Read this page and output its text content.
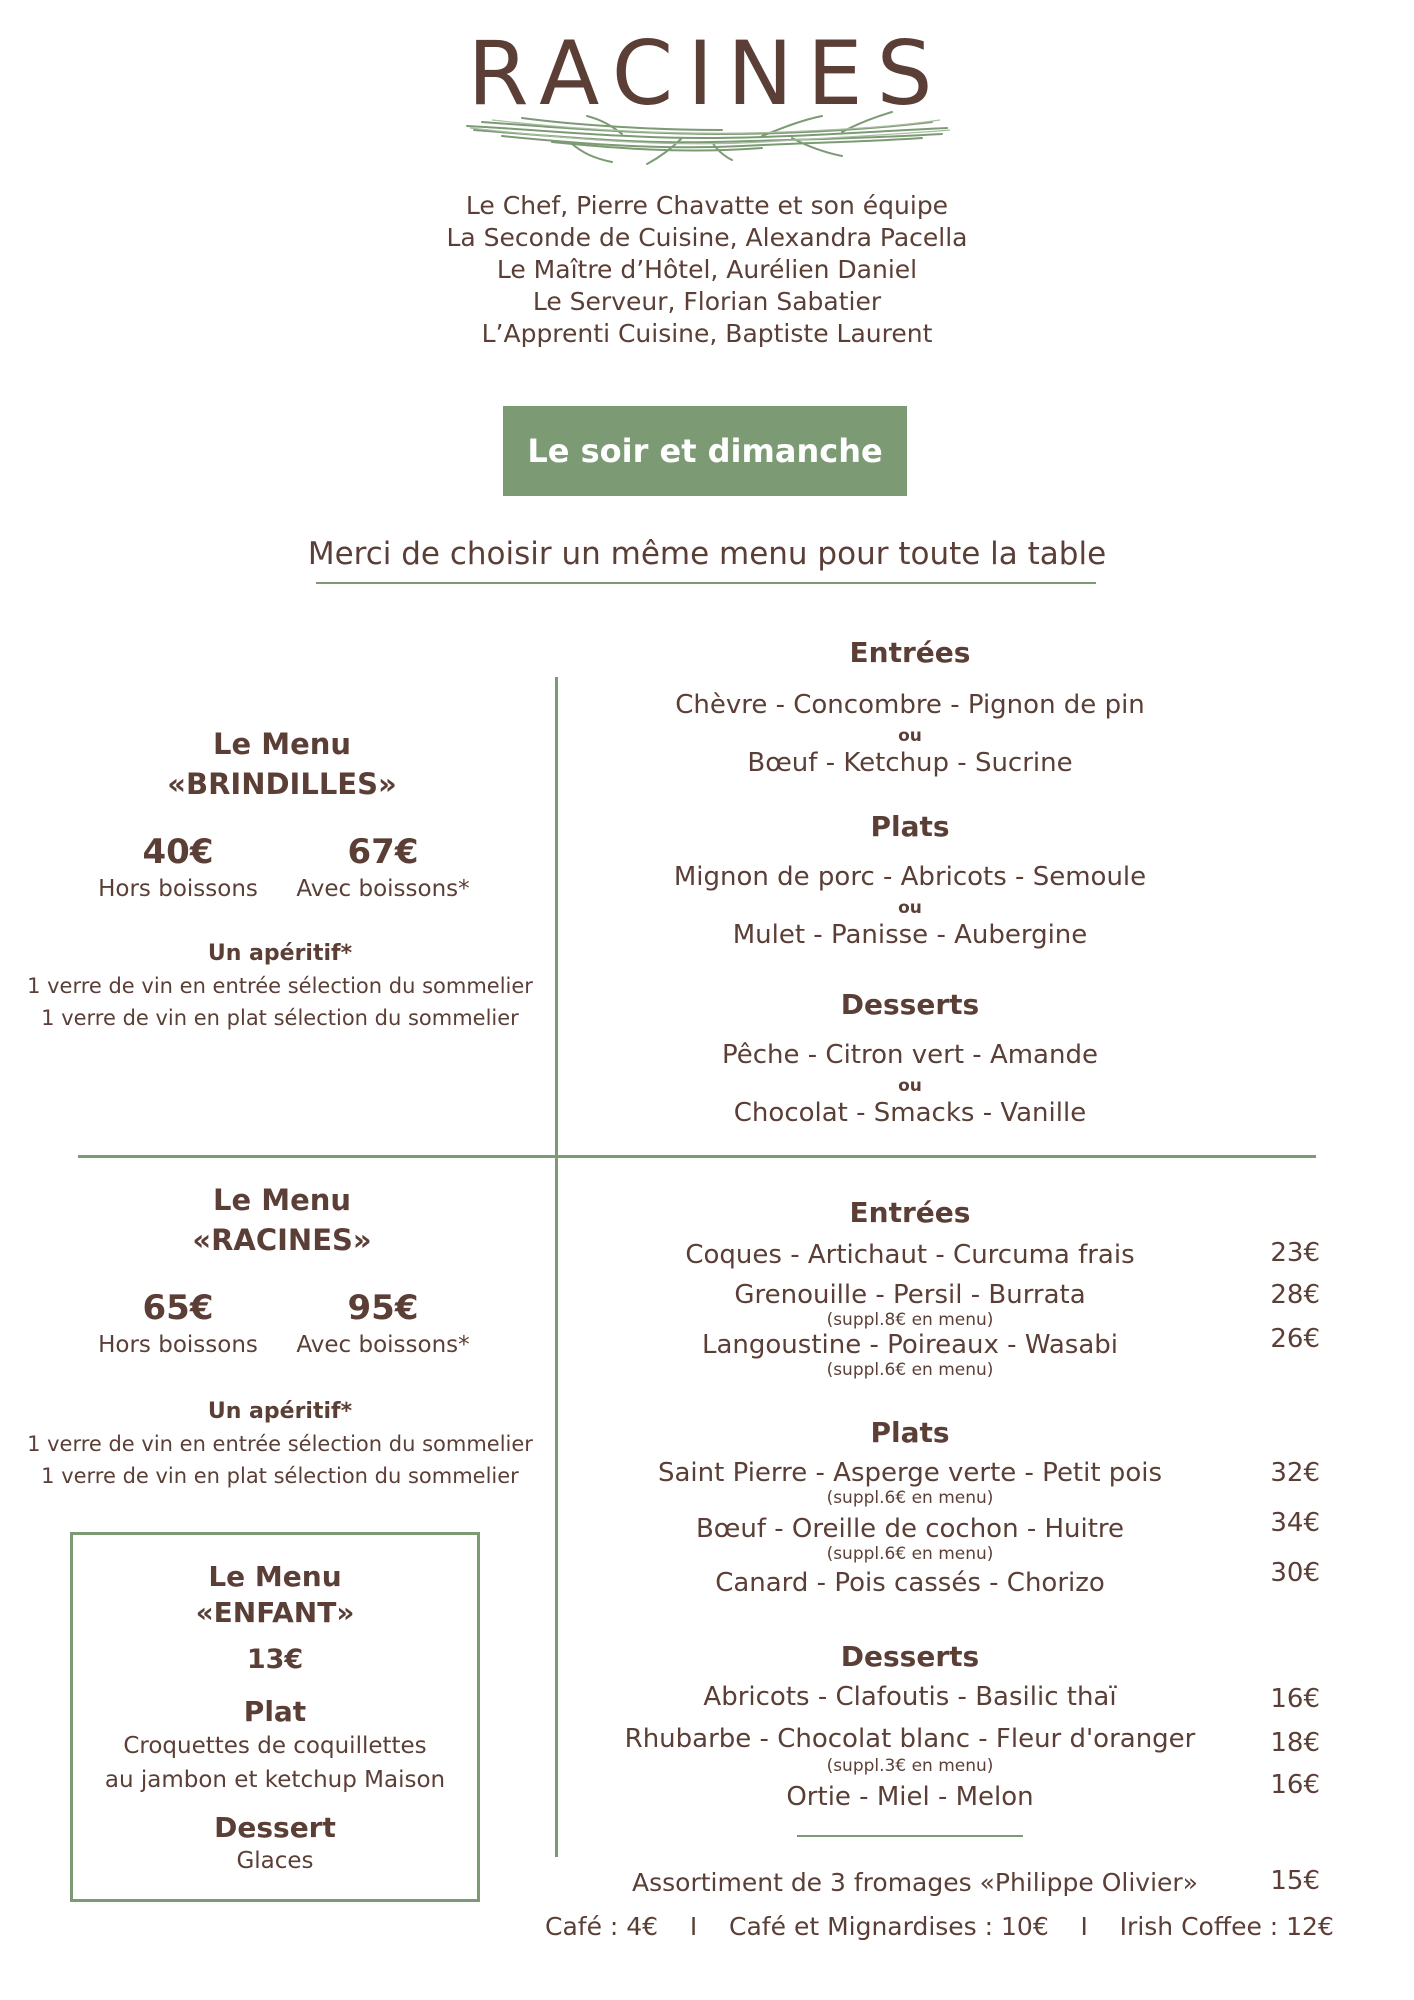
RACINES
Le Chef, Pierre Chavatte et son équipe
La Seconde de Cuisine, Alexandra Pacella
Le Maître d’Hôtel, Aurélien Daniel
Le Serveur, Florian Sabatier
L’Apprenti Cuisine, Baptiste Laurent
Le soir et dimanche
Merci de choisir un même menu pour toute la table
Le Menu
«BRINDILLES»
40€
Hors boissons
67€
Avec boissons*
Un apéritif*
1 verre de vin en entrée sélection du sommelier
1 verre de vin en plat sélection du sommelier
Entrées
Chèvre - Concombre - Pignon de pin
ou
Bœuf - Ketchup - Sucrine
Plats
Mignon de porc - Abricots - Semoule
ou
Mulet - Panisse - Aubergine
Desserts
Pêche - Citron vert - Amande
ou
Chocolat - Smacks - Vanille
Le Menu
«RACINES»
65€
Hors boissons
95€
Avec boissons*
Un apéritif*
1 verre de vin en entrée sélection du sommelier
1 verre de vin en plat sélection du sommelier
Entrées
Coques - Artichaut - Curcuma frais	23€
Grenouille - Persil - Burrata	28€
(suppl.8€ en menu)
Langoustine - Poireaux - Wasabi	26€
(suppl.6€ en menu)
Plats
Saint Pierre - Asperge verte - Petit pois	32€
(suppl.6€ en menu)
Bœuf - Oreille de cochon - Huitre	34€
(suppl.6€ en menu)
Canard - Pois cassés - Chorizo	30€
Desserts
Abricots - Clafoutis - Basilic thaï	16€
Rhubarbe - Chocolat blanc - Fleur d'oranger	18€
(suppl.3€ en menu)
Ortie - Miel - Melon	16€
Le Menu
«ENFANT»
13€
Plat
Croquettes de coquillettes
au jambon et ketchup Maison
Dessert
Glaces
Assortiment de 3 fromages «Philippe Olivier»	15€
Café : 4€    I    Café et Mignardises : 10€    I    Irish Coffee : 12€
